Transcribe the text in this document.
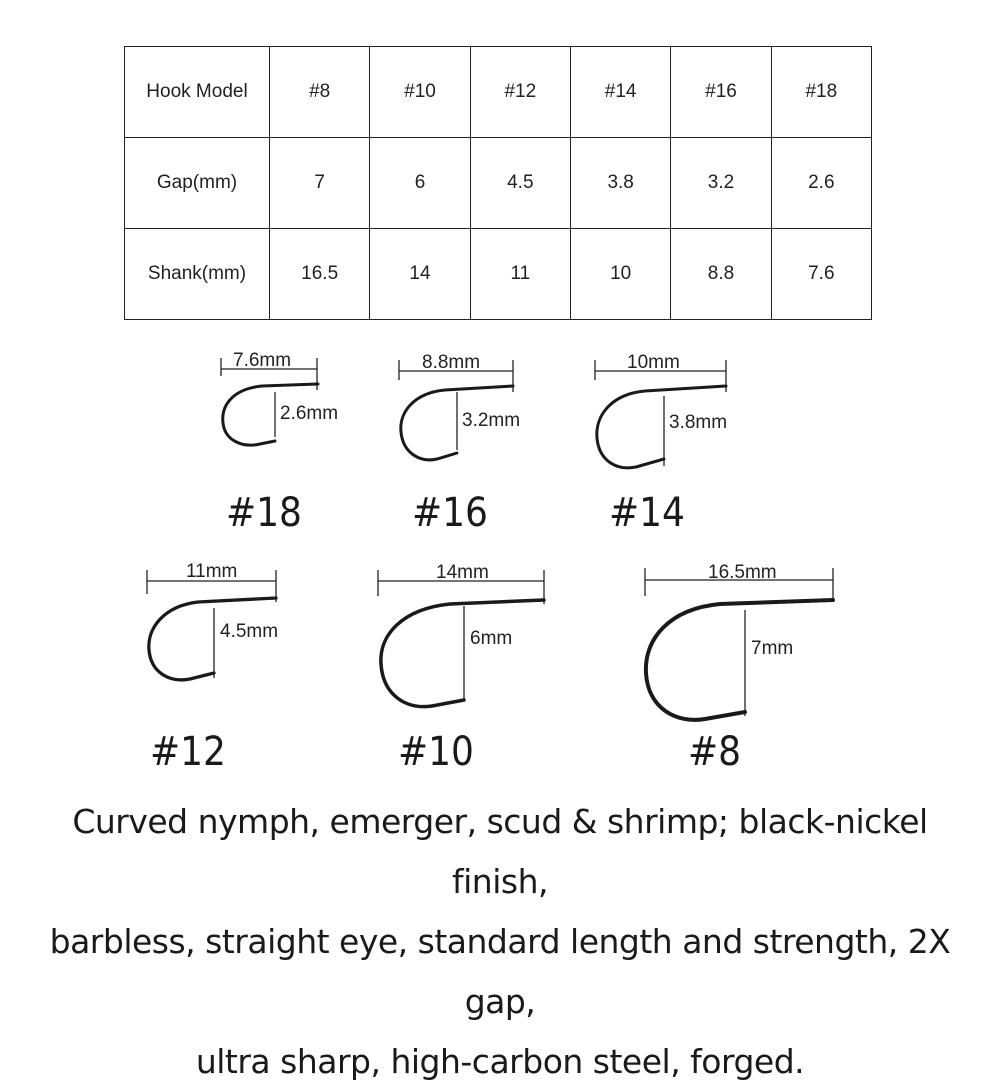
Hook Model	#8	#10	#12	#14	#16	#18
Gap(mm)	7	6	4.5	3.8	3.2	2.6
Shank(mm)	16.5	14	11	10	8.8	7.6
7.6mm
2.6mm
#18
8.8mm
3.2mm
#16
10mm
3.8mm
#14
11mm
4.5mm
#12
14mm
6mm
#10
16.5mm
7mm
#8
Curved nymph, emerger, scud & shrimp; black-nickel finish,
barbless, straight eye, standard length and strength, 2X gap,
ultra sharp, high-carbon steel, forged.
